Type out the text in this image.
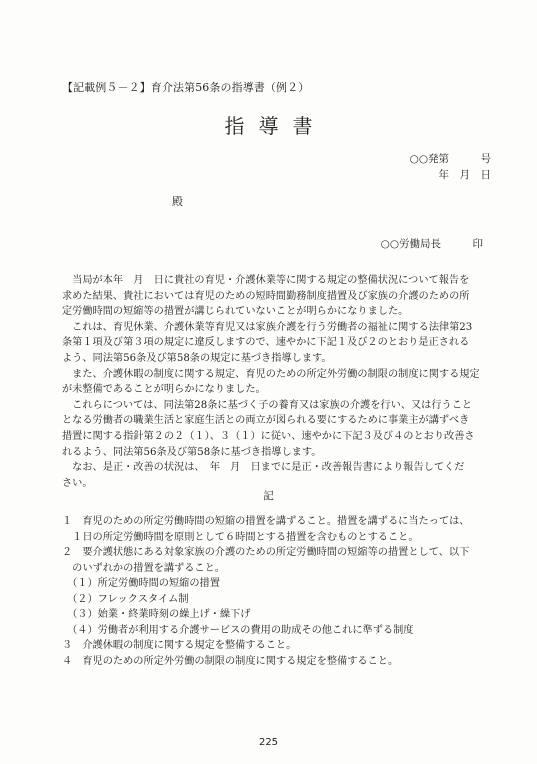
【記載例５－２】育介法第56条の指導書（例２）
指導書
○○発第　　　号
年　月　日
殿
○○労働局長　　　印
　当局が本年　月　日に貴社の育児・介護休業等に関する規定の整備状況について報告を
求めた結果、貴社においては育児のための短時間勤務制度措置及び家族の介護のための所
定労働時間の短縮等の措置が講じられていないことが明らかになりました。
　これは、育児休業、介護休業等育児又は家族介護を行う労働者の福祉に関する法律第23
条第１項及び第３項の規定に違反しますので、速やかに下記１及び２のとおり是正される
よう、同法第56条及び第58条の規定に基づき指導します。
　また、介護休暇の制度に関する規定、育児のための所定外労働の制限の制度に関する規定
が未整備であることが明らかになりました。
　これらについては、同法第28条に基づく子の養育又は家族の介護を行い、又は行うこと
となる労働者の職業生活と家庭生活との両立が図られる要にするために事業主が講ずべき
措置に関する指針第２の２（１）、３（１）に従い、速やかに下記３及び４のとおり改善さ
れるよう、同法第56条及び第58条に基づき指導します。
　なお、是正・改善の状況は、　年　月　日までに是正・改善報告書により報告してくだ
さい。
記
１　育児のための所定労働時間の短縮の措置を講ずること。措置を講ずるに当たっては、
　１日の所定労働時間を原則として６時間とする措置を含むものとすること。
２　要介護状態にある対象家族の介護のための所定労働時間の短縮等の措置として、以下
　のいずれかの措置を講ずること。
　（１）所定労働時間の短縮の措置
　（２）フレックスタイム制
　（３）始業・終業時刻の繰上げ・繰下げ
　（４）労働者が利用する介護サービスの費用の助成その他これに準ずる制度
３　介護休暇の制度に関する規定を整備すること。
４　育児のための所定外労働の制限の制度に関する規定を整備すること。
225
